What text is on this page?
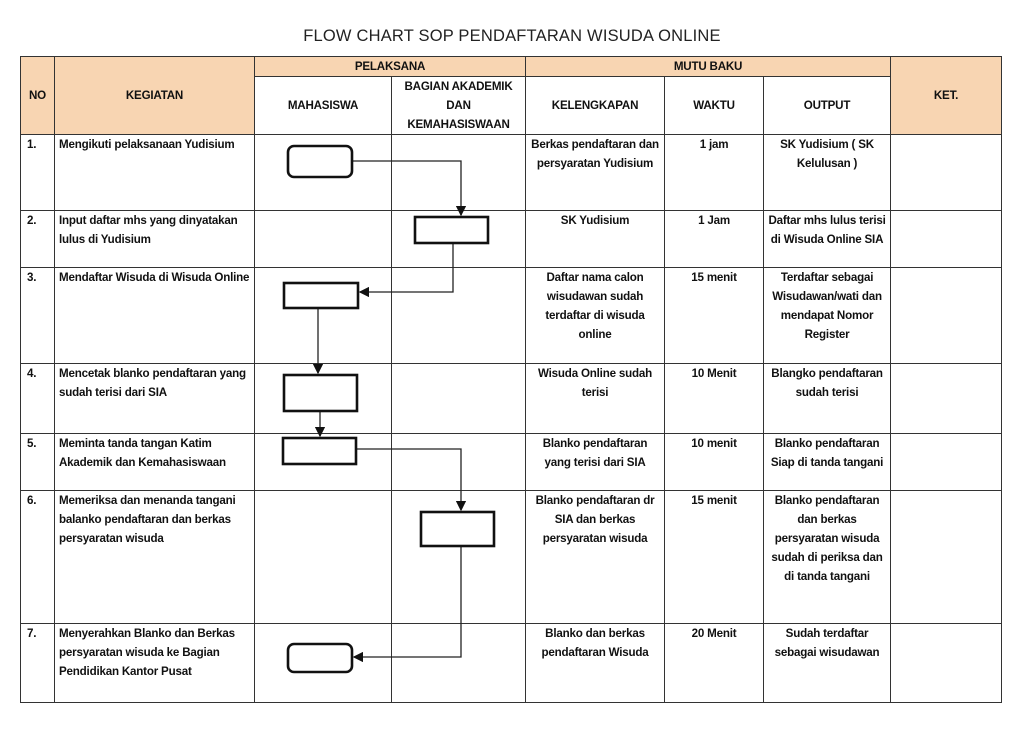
FLOW CHART SOP PENDAFTARAN WISUDA ONLINE
NO	KEGIATAN	PELAKSANA		MUTU BAKU			KET.
		MAHASISWA	BAGIAN AKADEMIK DAN KEMAHASISWAAN	KELENGKAPAN	WAKTU	OUTPUT	
1.	Mengikuti pelaksanaan Yudisium			Berkas pendaftaran dan persyaratan Yudisium	1 jam	SK Yudisium ( SK Kelulusan )	
2.	Input daftar mhs yang dinyatakan lulus di Yudisium			SK Yudisium	1 Jam	Daftar mhs lulus terisi di Wisuda Online SIA	
3.	Mendaftar Wisuda di Wisuda Online			Daftar nama calon wisudawan sudah terdaftar di wisuda online	15 menit	Terdaftar sebagai Wisudawan/wati dan mendapat Nomor Register	
4.	Mencetak blanko pendaftaran yang sudah terisi dari SIA			Wisuda Online sudah terisi	10 Menit	Blangko pendaftaran sudah terisi	
5.	Meminta tanda tangan Katim Akademik dan Kemahasiswaan			Blanko pendaftaran yang terisi dari SIA	10 menit	Blanko pendaftaran Siap di tanda tangani	
6.	Memeriksa dan menanda tangani balanko pendaftaran dan berkas persyaratan wisuda			Blanko pendaftaran dr SIA dan berkas persyaratan wisuda	15 menit	Blanko pendaftaran dan berkas persyaratan wisuda sudah di periksa dan di tanda tangani	
7.	Menyerahkan Blanko dan Berkas persyaratan wisuda ke Bagian Pendidikan Kantor Pusat			Blanko dan berkas pendaftaran Wisuda	20 Menit	Sudah terdaftar sebagai wisudawan	
